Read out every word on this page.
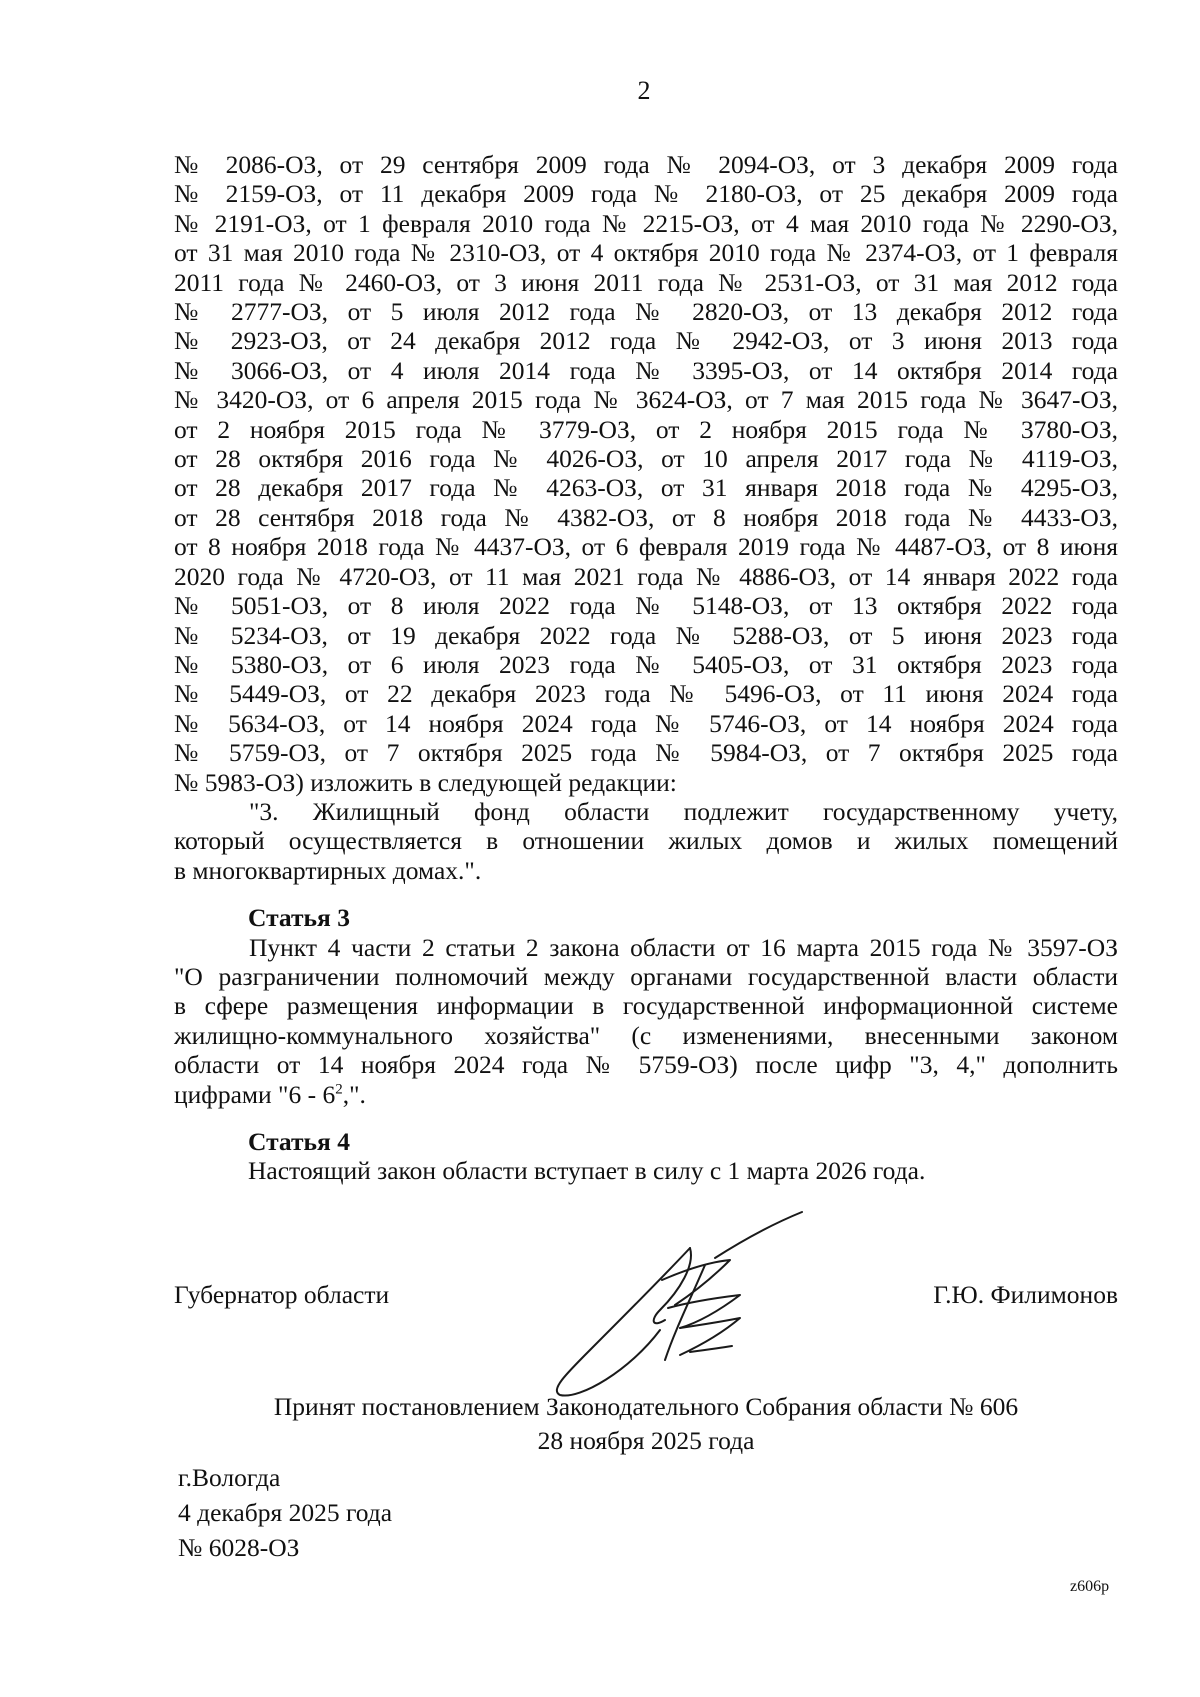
2
№ 2086-ОЗ, от 29 сентября 2009 года № 2094-ОЗ, от 3 декабря 2009 года
№ 2159-ОЗ, от 11 декабря 2009 года № 2180-ОЗ, от 25 декабря 2009 года
№ 2191-ОЗ, от 1 февраля 2010 года № 2215-ОЗ, от 4 мая 2010 года № 2290-ОЗ,
от 31 мая 2010 года № 2310-ОЗ, от 4 октября 2010 года № 2374-ОЗ, от 1 февраля
2011 года № 2460-ОЗ, от 3 июня 2011 года № 2531-ОЗ, от 31 мая 2012 года
№ 2777-ОЗ, от 5 июля 2012 года № 2820-ОЗ, от 13 декабря 2012 года
№ 2923-ОЗ, от 24 декабря 2012 года № 2942-ОЗ, от 3 июня 2013 года
№ 3066-ОЗ, от 4 июля 2014 года № 3395-ОЗ, от 14 октября 2014 года
№ 3420-ОЗ, от 6 апреля 2015 года № 3624-ОЗ, от 7 мая 2015 года № 3647-ОЗ,
от 2 ноября 2015 года № 3779-ОЗ, от 2 ноября 2015 года № 3780-ОЗ,
от 28 октября 2016 года № 4026-ОЗ, от 10 апреля 2017 года № 4119-ОЗ,
от 28 декабря 2017 года № 4263-ОЗ, от 31 января 2018 года № 4295-ОЗ,
от 28 сентября 2018 года № 4382-ОЗ, от 8 ноября 2018 года № 4433-ОЗ,
от 8 ноября 2018 года № 4437-ОЗ, от 6 февраля 2019 года № 4487-ОЗ, от 8 июня
2020 года № 4720-ОЗ, от 11 мая 2021 года № 4886-ОЗ, от 14 января 2022 года
№ 5051-ОЗ, от 8 июля 2022 года № 5148-ОЗ, от 13 октября 2022 года
№ 5234-ОЗ, от 19 декабря 2022 года № 5288-ОЗ, от 5 июня 2023 года
№ 5380-ОЗ, от 6 июля 2023 года № 5405-ОЗ, от 31 октября 2023 года
№ 5449-ОЗ, от 22 декабря 2023 года № 5496-ОЗ, от 11 июня 2024 года
№ 5634-ОЗ, от 14 ноября 2024 года № 5746-ОЗ, от 14 ноября 2024 года
№ 5759-ОЗ, от 7 октября 2025 года № 5984-ОЗ, от 7 октября 2025 года
№ 5983-ОЗ) изложить в следующей редакции:
"3. Жилищный фонд области подлежит государственному учету,
который осуществляется в отношении жилых домов и жилых помещений
в многоквартирных домах.".
Статья 3
Пункт 4 части 2 статьи 2 закона области от 16 марта 2015 года № 3597-ОЗ
"О разграничении полномочий между органами государственной власти области
в сфере размещения информации в государственной информационной системе
жилищно-коммунального хозяйства" (с изменениями, внесенными законом
области от 14 ноября 2024 года № 5759-ОЗ) после цифр "3, 4," дополнить
цифрами "$6 - 6^2$,".
Статья 4
Настоящий закон области вступает в силу с 1 марта 2026 года.
Губернатор области	Г.Ю. Филимонов
Принят постановлением Законодательного Собрания области № 606
28 ноября 2025 года
г.Вологда
4 декабря 2025 года
№ 6028-ОЗ
z606p
